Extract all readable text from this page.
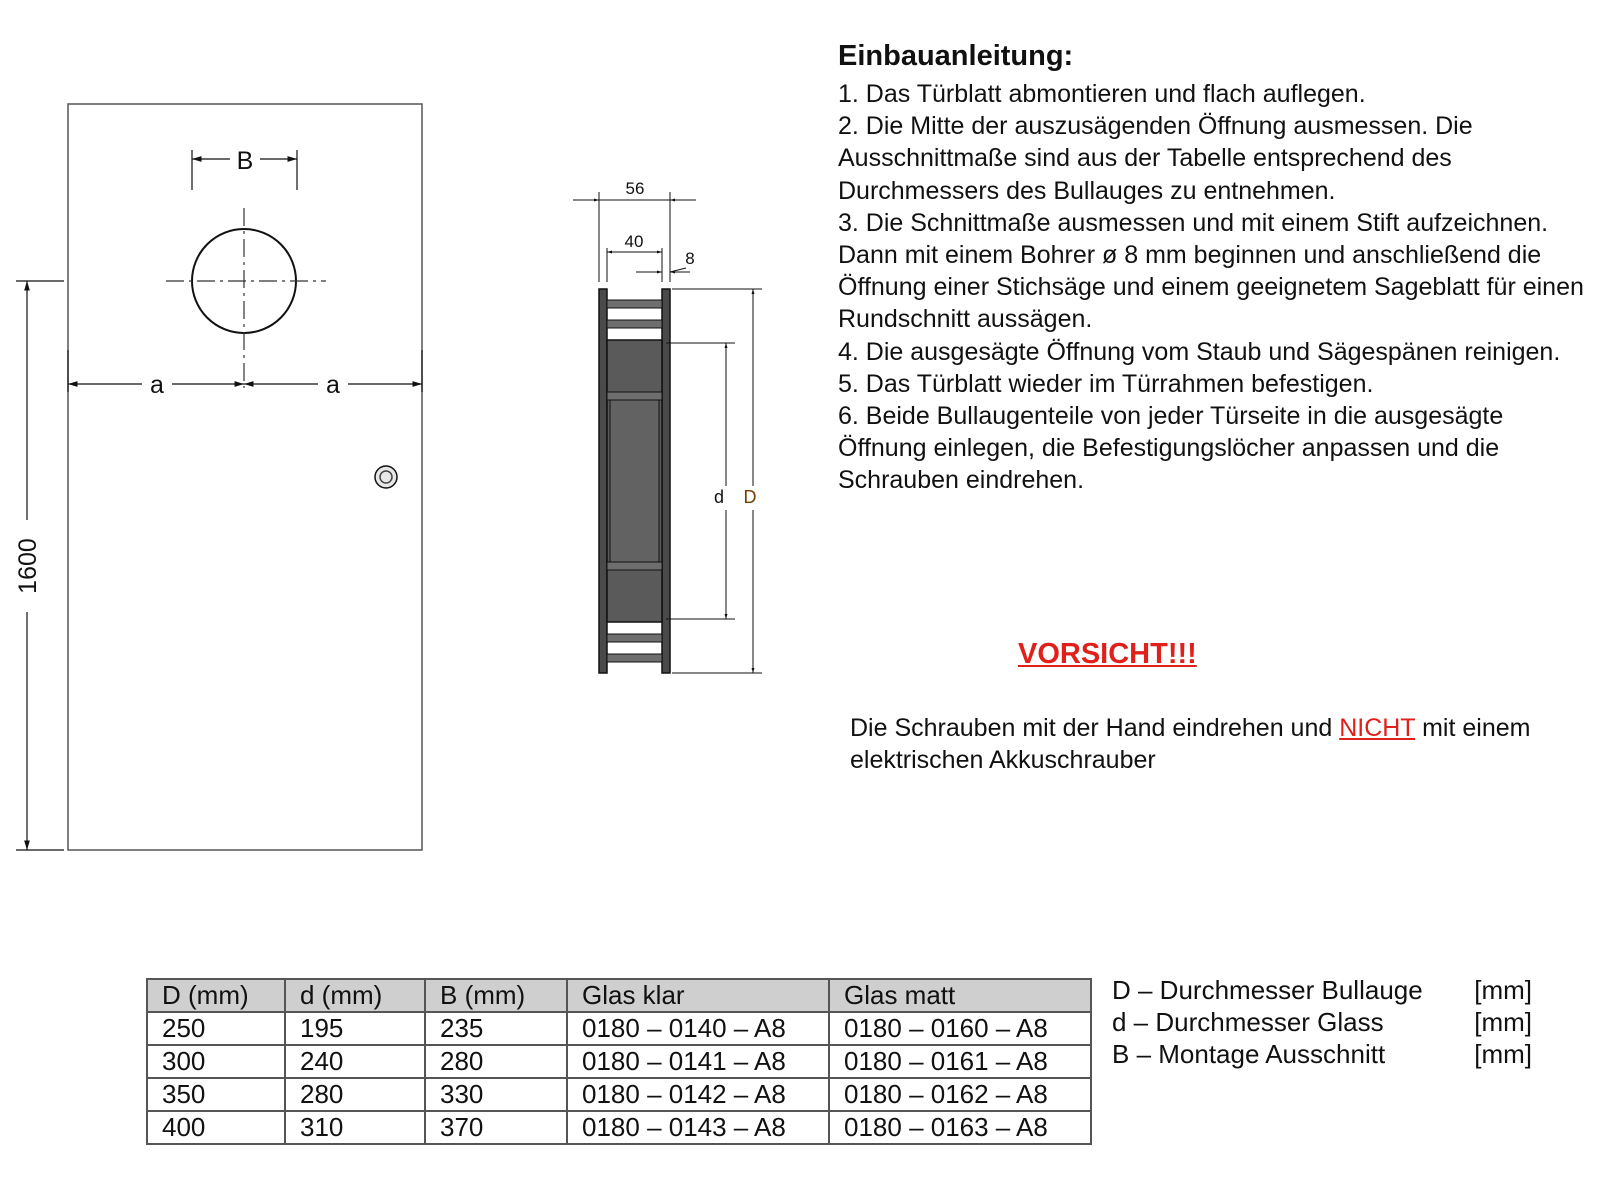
B
a	a
1600
56
40
8
d D
Einbauanleitung:
1. Das Türblatt abmontieren und flach auflegen.
2. Die Mitte der auszusägenden Öffnung ausmessen. Die Ausschnittmaße sind aus der Tabelle entsprechend des Durchmessers des Bullauges zu entnehmen.
3. Die Schnittmaße ausmessen und mit einem Stift aufzeichnen. Dann mit einem Bohrer ø 8 mm beginnen und anschließend die Öffnung einer Stichsäge und einem geeignetem Sageblatt für einen Rundschnitt aussägen.
4. Die ausgesägte Öffnung vom Staub und Sägespänen reinigen.
5. Das Türblatt wieder im Türrahmen befestigen.
6. Beide Bullaugenteile von jeder Türseite in die ausgesägte Öffnung einlegen, die Befestigungslöcher anpassen und die Schrauben eindrehen.
VORSICHT!!!
Die Schrauben mit der Hand eindrehen und NICHT mit einem elektrischen Akkuschrauber
D (mm)	d (mm)	B (mm)	Glas klar	Glas matt
250	195	235	0180 – 0140 – A8	0180 – 0160 – A8
300	240	280	0180 – 0141 – A8	0180 – 0161 – A8
350	280	330	0180 – 0142 – A8	0180 – 0162 – A8
400	310	370	0180 – 0143 – A8	0180 – 0163 – A8
D – Durchmesser Bullauge [mm]
d – Durchmesser Glass	[mm]
B – Montage Ausschnitt	[mm]
